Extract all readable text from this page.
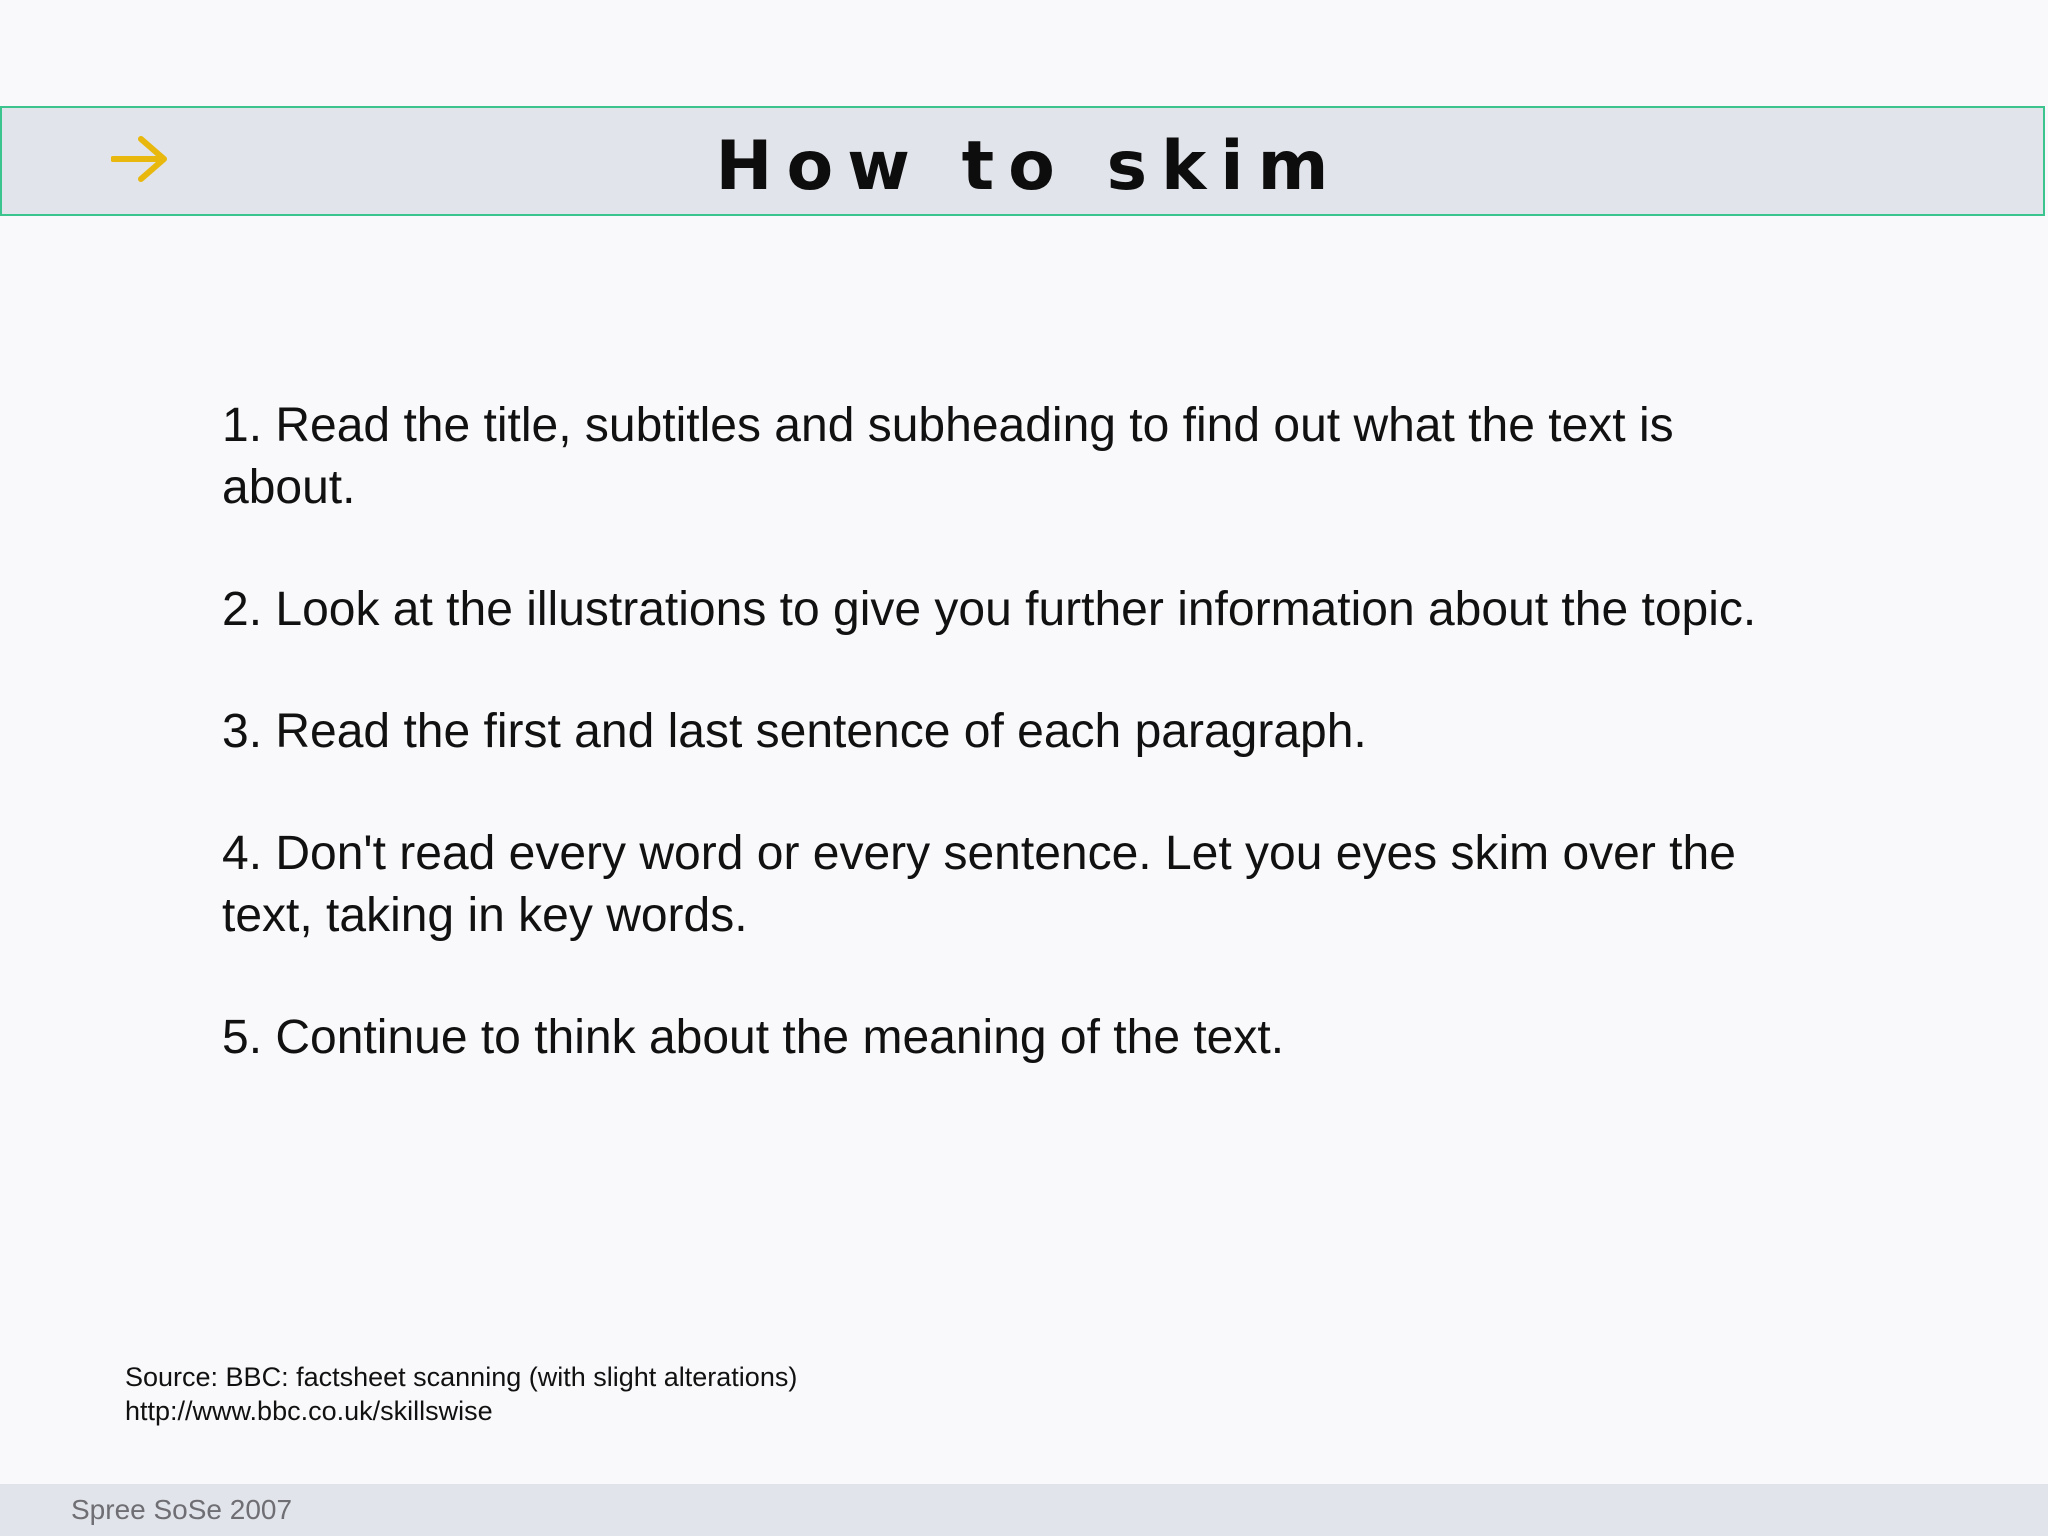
How to skim
1. Read the title, subtitles and subheading to find out what the text is about.
2. Look at the illustrations to give you further information about the topic.
3. Read the first and last sentence of each paragraph.
4. Don't read every word or every sentence. Let you eyes skim over the text, taking in key words.
5. Continue to think about the meaning of the text.
Source: BBC: factsheet scanning (with slight alterations)
http://www.bbc.co.uk/skillswise
Spree SoSe 2007
